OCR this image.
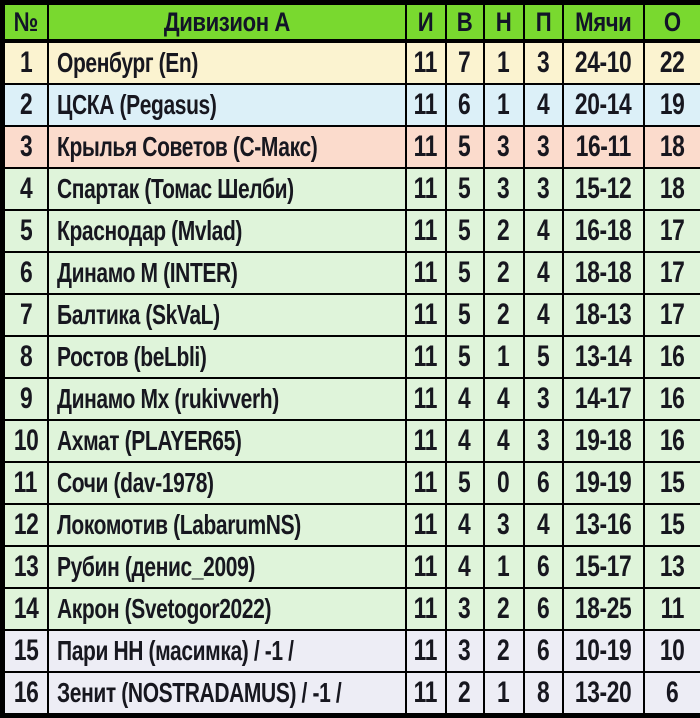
№	Дивизион А	И	В	Н	П	Мячи	О
1	Оренбург (En)	11	7	1	3	24-10	22
2	ЦСКА (Pegasus)	11	6	1	4	20-14	19
3	Крылья Советов (С-Макс)	11	5	3	3	16-11	18
4	Спартак (Томас Шелби)	11	5	3	3	15-12	18
5	Краснодар (Mvlad)	11	5	2	4	16-18	17
6	Динамо М (INTER)	11	5	2	4	18-18	17
7	Балтика (SkVaL)	11	5	2	4	18-13	17
8	Ростов (beLbli)	11	5	1	5	13-14	16
9	Динамо Мх (rukivverh)	11	4	4	3	14-17	16
10	Ахмат (PLAYER65)	11	4	4	3	19-18	16
11	Сочи (dav-1978)	11	5	0	6	19-19	15
12	Локомотив (LabarumNS)	11	4	3	4	13-16	15
13	Рубин (денис_2009)	11	4	1	6	15-17	13
14	Акрон (Svetogor2022)	11	3	2	6	18-25	11
15	Пари НН (масимка) / -1 /	11	3	2	6	10-19	10
16	Зенит (NOSTRADAMUS) / -1 /	11	2	1	8	13-20	6
